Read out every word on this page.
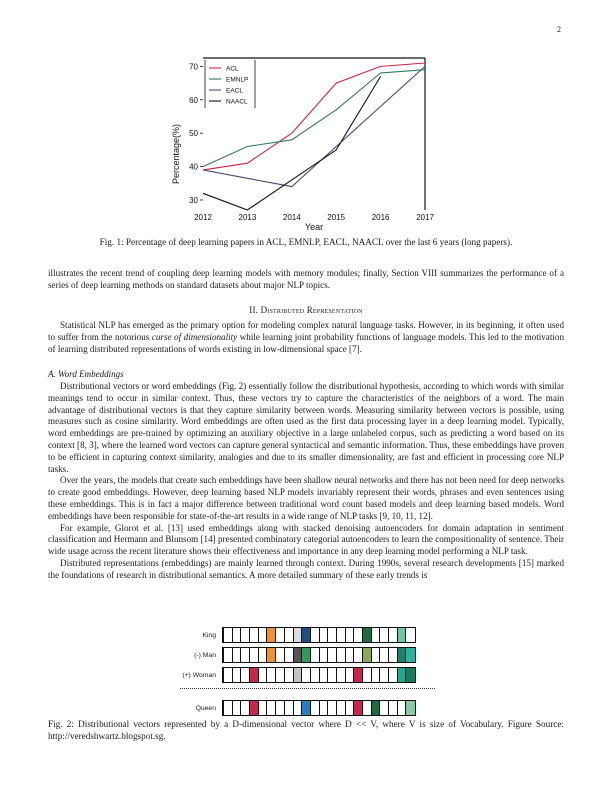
2
30
40
50
60
70
2012	2013	2014	2015	2016	2017
Year
Percentage(%)
ACL
EMNLP
EACL
NAACL
Fig. 1: Percentage of deep learning papers in ACL, EMNLP, EACL, NAACL over the last 6 years (long papers).

illustrates the recent trend of coupling deep learning models with memory modules; finally, Section VIII summarizes the performance of a series of deep learning methods on standard datasets about major NLP topics.

II. Distributed Representation

Statistical NLP has emerged as the primary option for modeling complex natural language tasks. However, in its beginning, it often used to suffer from the notorious curse of dimensionality while learning joint probability functions of language models. This led to the motivation of learning distributed representations of words existing in low-dimensional space [7].

A. Word Embeddings

Distributional vectors or word embeddings (Fig. 2) essentially follow the distributional hypothesis, according to which words with similar meanings tend to occur in similar context. Thus, these vectors try to capture the characteristics of the neighbors of a word. The main advantage of distributional vectors is that they capture similarity between words. Measuring similarity between vectors is possible, using measures such as cosine similarity. Word embeddings are often used as the first data processing layer in a deep learning model. Typically, word embeddings are pre-trained by optimizing an auxiliary objective in a large unlabeled corpus, such as predicting a word based on its context [8, 3], where the learned word vectors can capture general syntactical and semantic information. Thus, these embeddings have proven to be efficient in capturing context similarity, analogies and due to its smaller dimensionality, are fast and efficient in processing core NLP tasks.

Over the years, the models that create such embeddings have been shallow neural networks and there has not been need for deep networks to create good embeddings. However, deep learning based NLP models invariably represent their words, phrases and even sentences using these embeddings. This is in fact a major difference between traditional word count based models and deep learning based models. Word embeddings have been responsible for state-of-the-art results in a wide range of NLP tasks [9, 10, 11, 12].

For example, Glorot et al. [13] used embeddings along with stacked denoising autoencoders for domain adaptation in sentiment classification and Hermann and Blunsom [14] presented combinatory categorial autoencoders to learn the compositionality of sentence. Their wide usage across the recent literature shows their effectiveness and importance in any deep learning model performing a NLP task.

Distributed representations (embeddings) are mainly learned through context. During 1990s, several research developments [15] marked the foundations of research in distributional semantics. A more detailed summary of these early trends is

King
(-) Man
(+) Woman
Queen
Fig. 2: Distributional vectors represented by a D-dimensional vector where D << V, where V is size of Vocabulary. Figure Source: http://veredshwartz.blogspot.sg.
